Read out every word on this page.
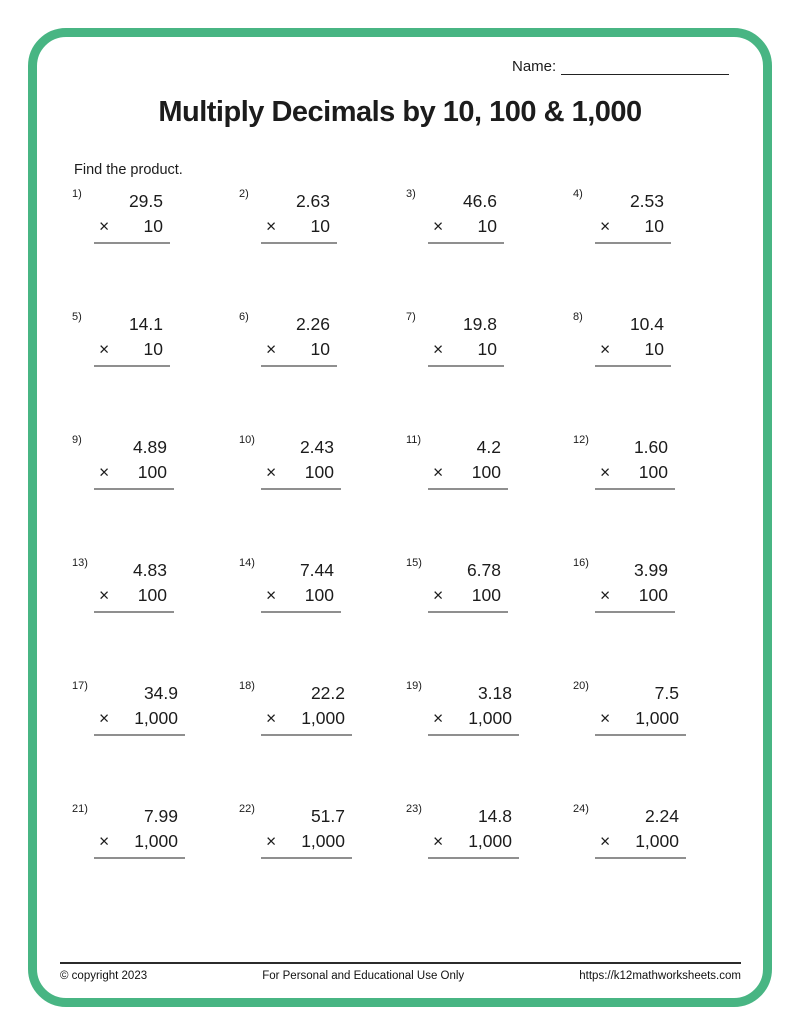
Name:
Multiply Decimals by 10, 100 & 1,000
Find the product.
1)	29.5
× 10
2)	2.63
× 10
3)	46.6
× 10
4)	2.53
× 10
5)	14.1
× 10
6)	2.26
× 10
7)	19.8
× 10
8)	10.4
× 10
9)	4.89
× 100
10)	2.43
× 100
11)	4.2
× 100
12)	1.60
× 100
13)	4.83
× 100
14)	7.44
× 100
15)	6.78
× 100
16)	3.99
× 100
17)	34.9
× 1,000
18)	22.2
× 1,000
19)	3.18
× 1,000
20)	7.5
× 1,000
21)	7.99
× 1,000
22)	51.7
× 1,000
23)	14.8
× 1,000
24)	2.24
× 1,000
© copyright 2023	For Personal and Educational Use Only	https://k12mathworksheets.com
